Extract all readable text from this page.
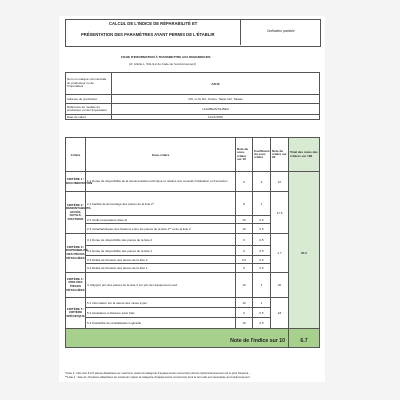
CALCUL DE L'INDICE DE RÉPARABILITÉ ET
PRÉSENTATION DES PARAMÈTRES AYANT PERMIS DE L'ÉTABLIR
Ordinateur portable
FICHE D'INFORMATION À TRANSMETTRE AUX DEMANDEURS
(cf. Article L. 541-9-2 du Code de l'environnement)
Nom ou marque commerciale du producteur ou de l'importateur	ASUS
Adresse du producteur	115, Li-Te Rd., Peitou, Taipei 112, Taiwan
Référence du modèle du producteur ou de l'importateur	L14ABE2S/X415EO
Date de calcul	12/21/2020
Critère	Sous-critère	Note du sous-critère sur 10	Coefficient du sous critère	Note du critère sur 20	Total des notes des critères sur 100
CRITÈRE 1 : DOCUMENTATION	1.1 Durée de disponibilité de la documentation technique et relative aux conseils d'utilisation et d'entretien	5	2	10	67.2
CRITÈRE 2 : DÉMONTABILITÉ, ACCÈS, OUTILS, FIXATIONS	2.1 Facilité de démontage des pièces de la liste 2*	8	1	17.5	
	2.2 Outils nécessaires (liste 2)	10	0.5		
	2.3 Caractéristiques des fixations entre les pièces de la liste 1** et de la liste 2	10	0.5		
CRITÈRE 3 : DISPONIBILITÉ DES PIÈCES DÉTACHÉES	3.1 Durée de disponibilité des pièces de la liste 2	0	0.5	1.7	
	3.2 Durée de disponibilité des pièces de la liste 1	0	0.5		
	3.3 Délais de livraison des pièces de la liste 2	3.5	0.5		
	3.4 Délais de livraison des pièces de la liste 1	0	0.5		
CRITÈRE 4 : PRIX DES PIÈCES DÉTACHÉES	4. Rapport prix des pièces de la liste 2 sur prix de l'équipement neuf	10	2	20	
CRITÈRE 5 : CRITÈRE SPÉCIFIQUE	5.1 Information sur la nature des mises à jour	10	1	18	
	5.2 Assistance à distance sans frais	6	0.5		
	5.3 Possibilité de réinitialisation logicielle	10	0.5		
Note de l'indice sur 10					6.7
*Liste 2 : liste des 3 à 5 pièces détachées au maximum (selon la catégorie d'équipements concernés) dont le dysfonctionnement est le plus fréquent...
**Liste 1 : liste de 10 pièces détachées au maximum (selon la catégorie d'équipements concernés) dont le bon état est nécessaire au fonctionnement
